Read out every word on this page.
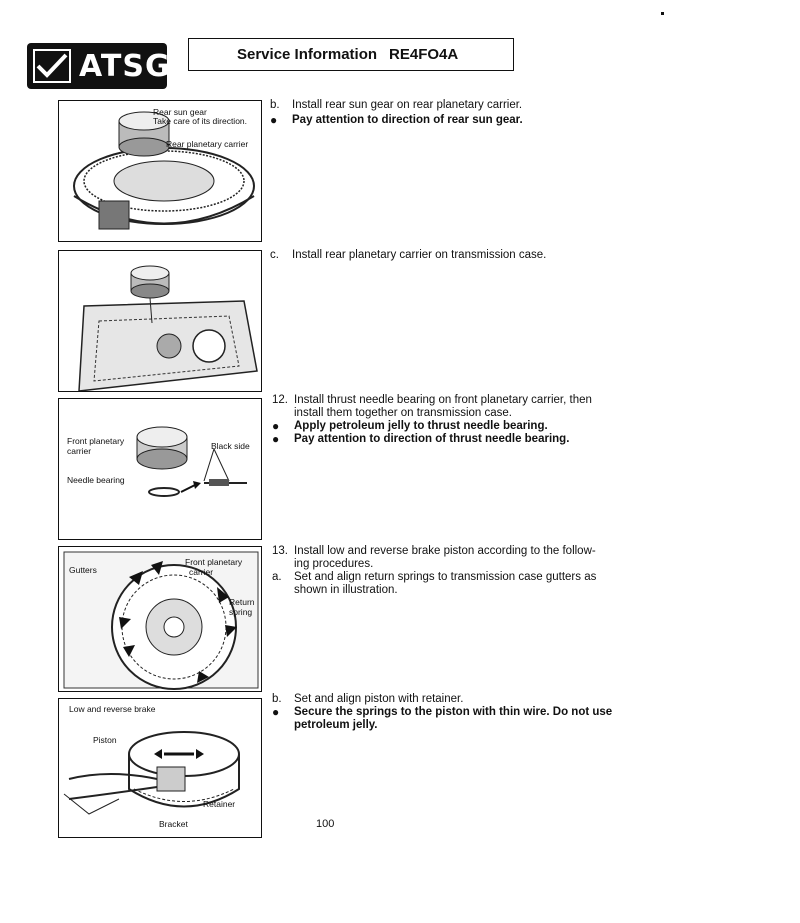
ATSG	Service Information RE4FO4A
Rear sun gear
Take care of its direction.
Rear planetary carrier
Front planetary
carrier	Black side
Needle bearing
Gutters
Front planetary
carrier
Return
spring
Low and reverse brake
Piston
Retainer
Bracket
b.	Install rear sun gear on rear planetary carrier.
●	Pay attention to direction of rear sun gear.
c.	Install rear planetary carrier on transmission case.
12. Install thrust needle bearing on front planetary carrier, then
install them together on transmission case.
●	Apply petroleum jelly to thrust needle bearing.
●	Pay attention to direction of thrust needle bearing.
13. Install low and reverse brake piston according to the follow-
ing procedures.
a.	Set and align return springs to transmission case gutters as
shown in illustration.
b.	Set and align piston with retainer.
●	Secure the springs to the piston with thin wire. Do not use
petroleum jelly.
100
